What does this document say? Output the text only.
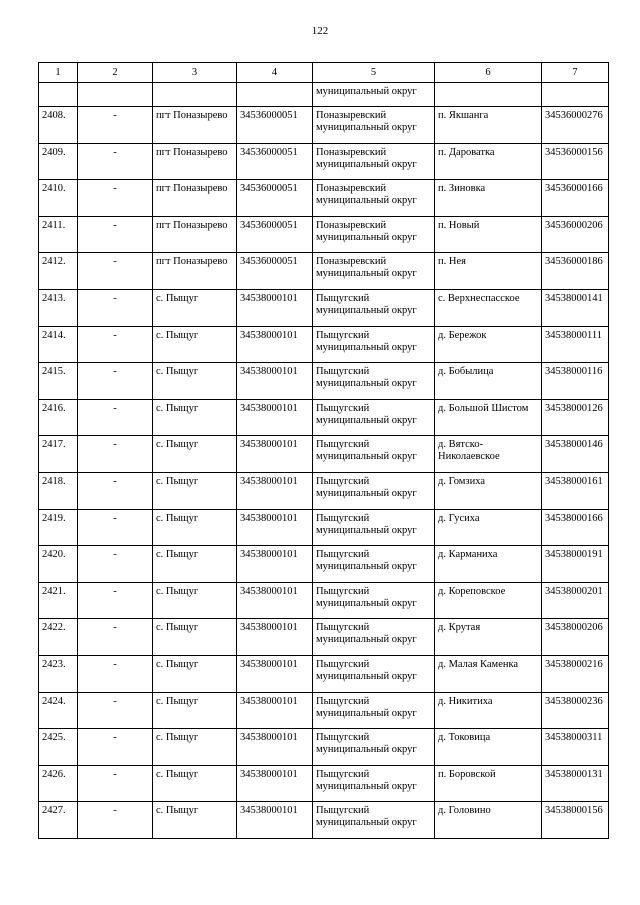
122
1	2	3	4	5	6	7
				муниципальный округ		
2408.	-	пгт Поназырево	34536000051	Поназыревский муниципальный округ	п. Якшанга	34536000276
2409.	-	пгт Поназырево	34536000051	Поназыревский муниципальный округ	п. Дароватка	34536000156
2410.	-	пгт Поназырево	34536000051	Поназыревский муниципальный округ	п. Зиновка	34536000166
2411.	-	пгт Поназырево	34536000051	Поназыревский муниципальный округ	п. Новый	34536000206
2412.	-	пгт Поназырево	34536000051	Поназыревский муниципальный округ	п. Нея	34536000186
2413.	-	с. Пыщуг	34538000101	Пыщугский муниципальный округ	с. Верхнеспасское	34538000141
2414.	-	с. Пыщуг	34538000101	Пыщугский муниципальный округ	д. Бережок	34538000111
2415.	-	с. Пыщуг	34538000101	Пыщугский муниципальный округ	д. Бобылица	34538000116
2416.	-	с. Пыщуг	34538000101	Пыщугский муниципальный округ	д. Большой Шистом	34538000126
2417.	-	с. Пыщуг	34538000101	Пыщугский муниципальный округ	д. Вятско-Николаевское	34538000146
2418.	-	с. Пыщуг	34538000101	Пыщугский муниципальный округ	д. Гомзиха	34538000161
2419.	-	с. Пыщуг	34538000101	Пыщугский муниципальный округ	д. Гусиха	34538000166
2420.	-	с. Пыщуг	34538000101	Пыщугский муниципальный округ	д. Карманиха	34538000191
2421.	-	с. Пыщуг	34538000101	Пыщугский муниципальный округ	д. Кореповское	34538000201
2422.	-	с. Пыщуг	34538000101	Пыщугский муниципальный округ	д. Крутая	34538000206
2423.	-	с. Пыщуг	34538000101	Пыщугский муниципальный округ	д. Малая Каменка	34538000216
2424.	-	с. Пыщуг	34538000101	Пыщугский муниципальный округ	д. Никитиха	34538000236
2425.	-	с. Пыщуг	34538000101	Пыщугский муниципальный округ	д. Токовица	34538000311
2426.	-	с. Пыщуг	34538000101	Пыщугский муниципальный округ	п. Боровской	34538000131
2427.	-	с. Пыщуг	34538000101	Пыщугский муниципальный округ	д. Головино	34538000156
